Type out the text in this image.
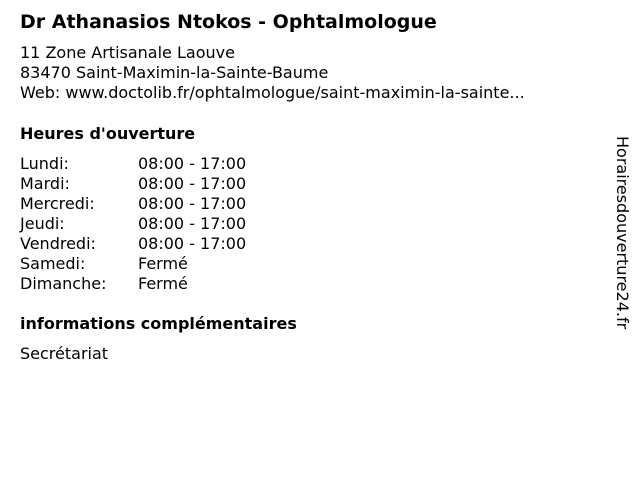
Dr Athanasios Ntokos - Ophtalmologue
11 Zone Artisanale Laouve
83470 Saint-Maximin-la-Sainte-Baume
Web: www.doctolib.fr/ophtalmologue/saint-maximin-la-sainte...
Heures d'ouverture
Lundi:	08:00 - 17:00
Mardi:	08:00 - 17:00
Mercredi:	08:00 - 17:00
Jeudi:	08:00 - 17:00
Vendredi:	08:00 - 17:00
Samedi:	Fermé
Dimanche: Fermé
informations complémentaires
Secrétariat
Horairesdouverture24.fr
